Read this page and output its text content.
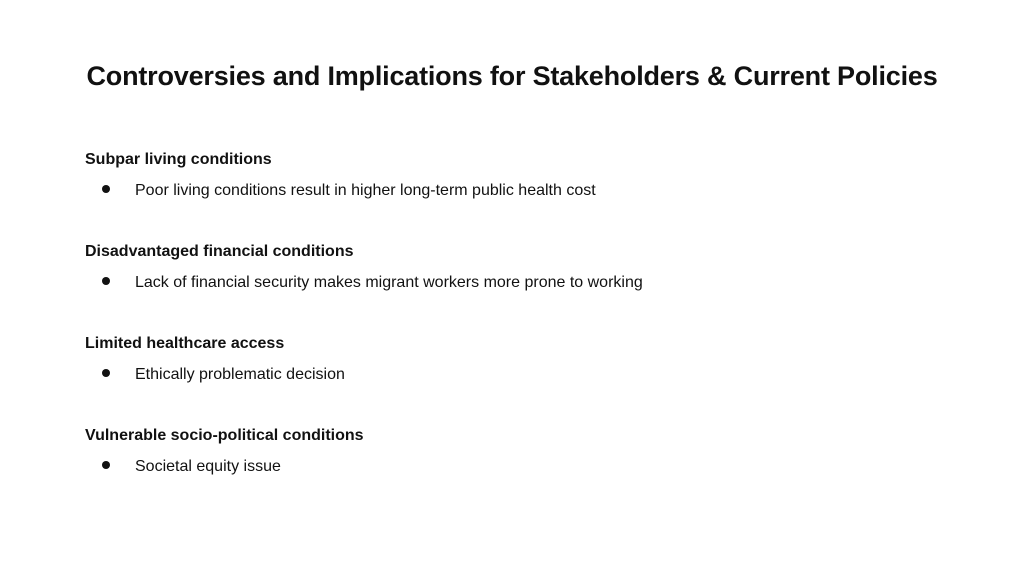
Controversies and Implications for Stakeholders & Current Policies
Subpar living conditions
Poor living conditions result in higher long-term public health cost
Disadvantaged financial conditions
Lack of financial security makes migrant workers more prone to working
Limited healthcare access
Ethically problematic decision
Vulnerable socio-political conditions
Societal equity issue
